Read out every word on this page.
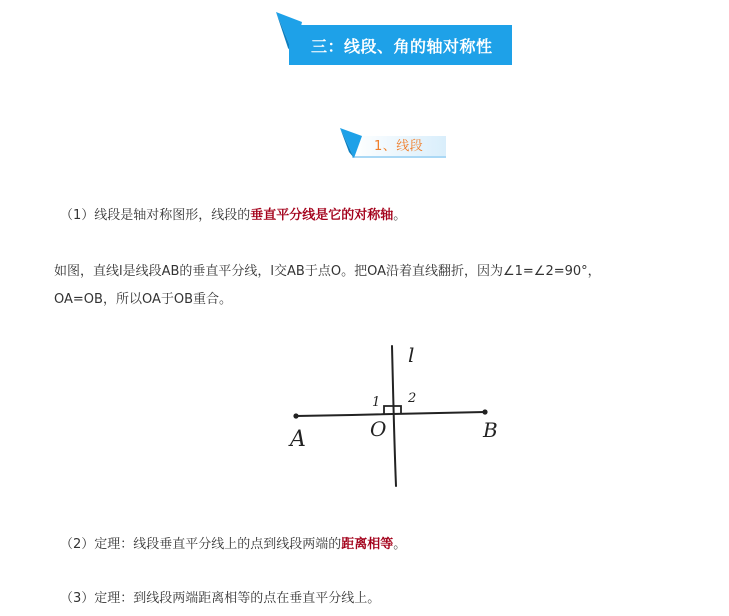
三：线段、角的轴对称性
1、线段
（1）线段是轴对称图形，线段的垂直平分线是它的对称轴。
如图，直线l是线段AB的垂直平分线，l交AB于点O。把OA沿着直线翻折，因为∠1=∠2=90°，
OA=OB，所以OA于OB重合。
l
1 2
A	O	B
（2）定理：线段垂直平分线上的点到线段两端的距离相等。
（3）定理：到线段两端距离相等的点在垂直平分线上。
